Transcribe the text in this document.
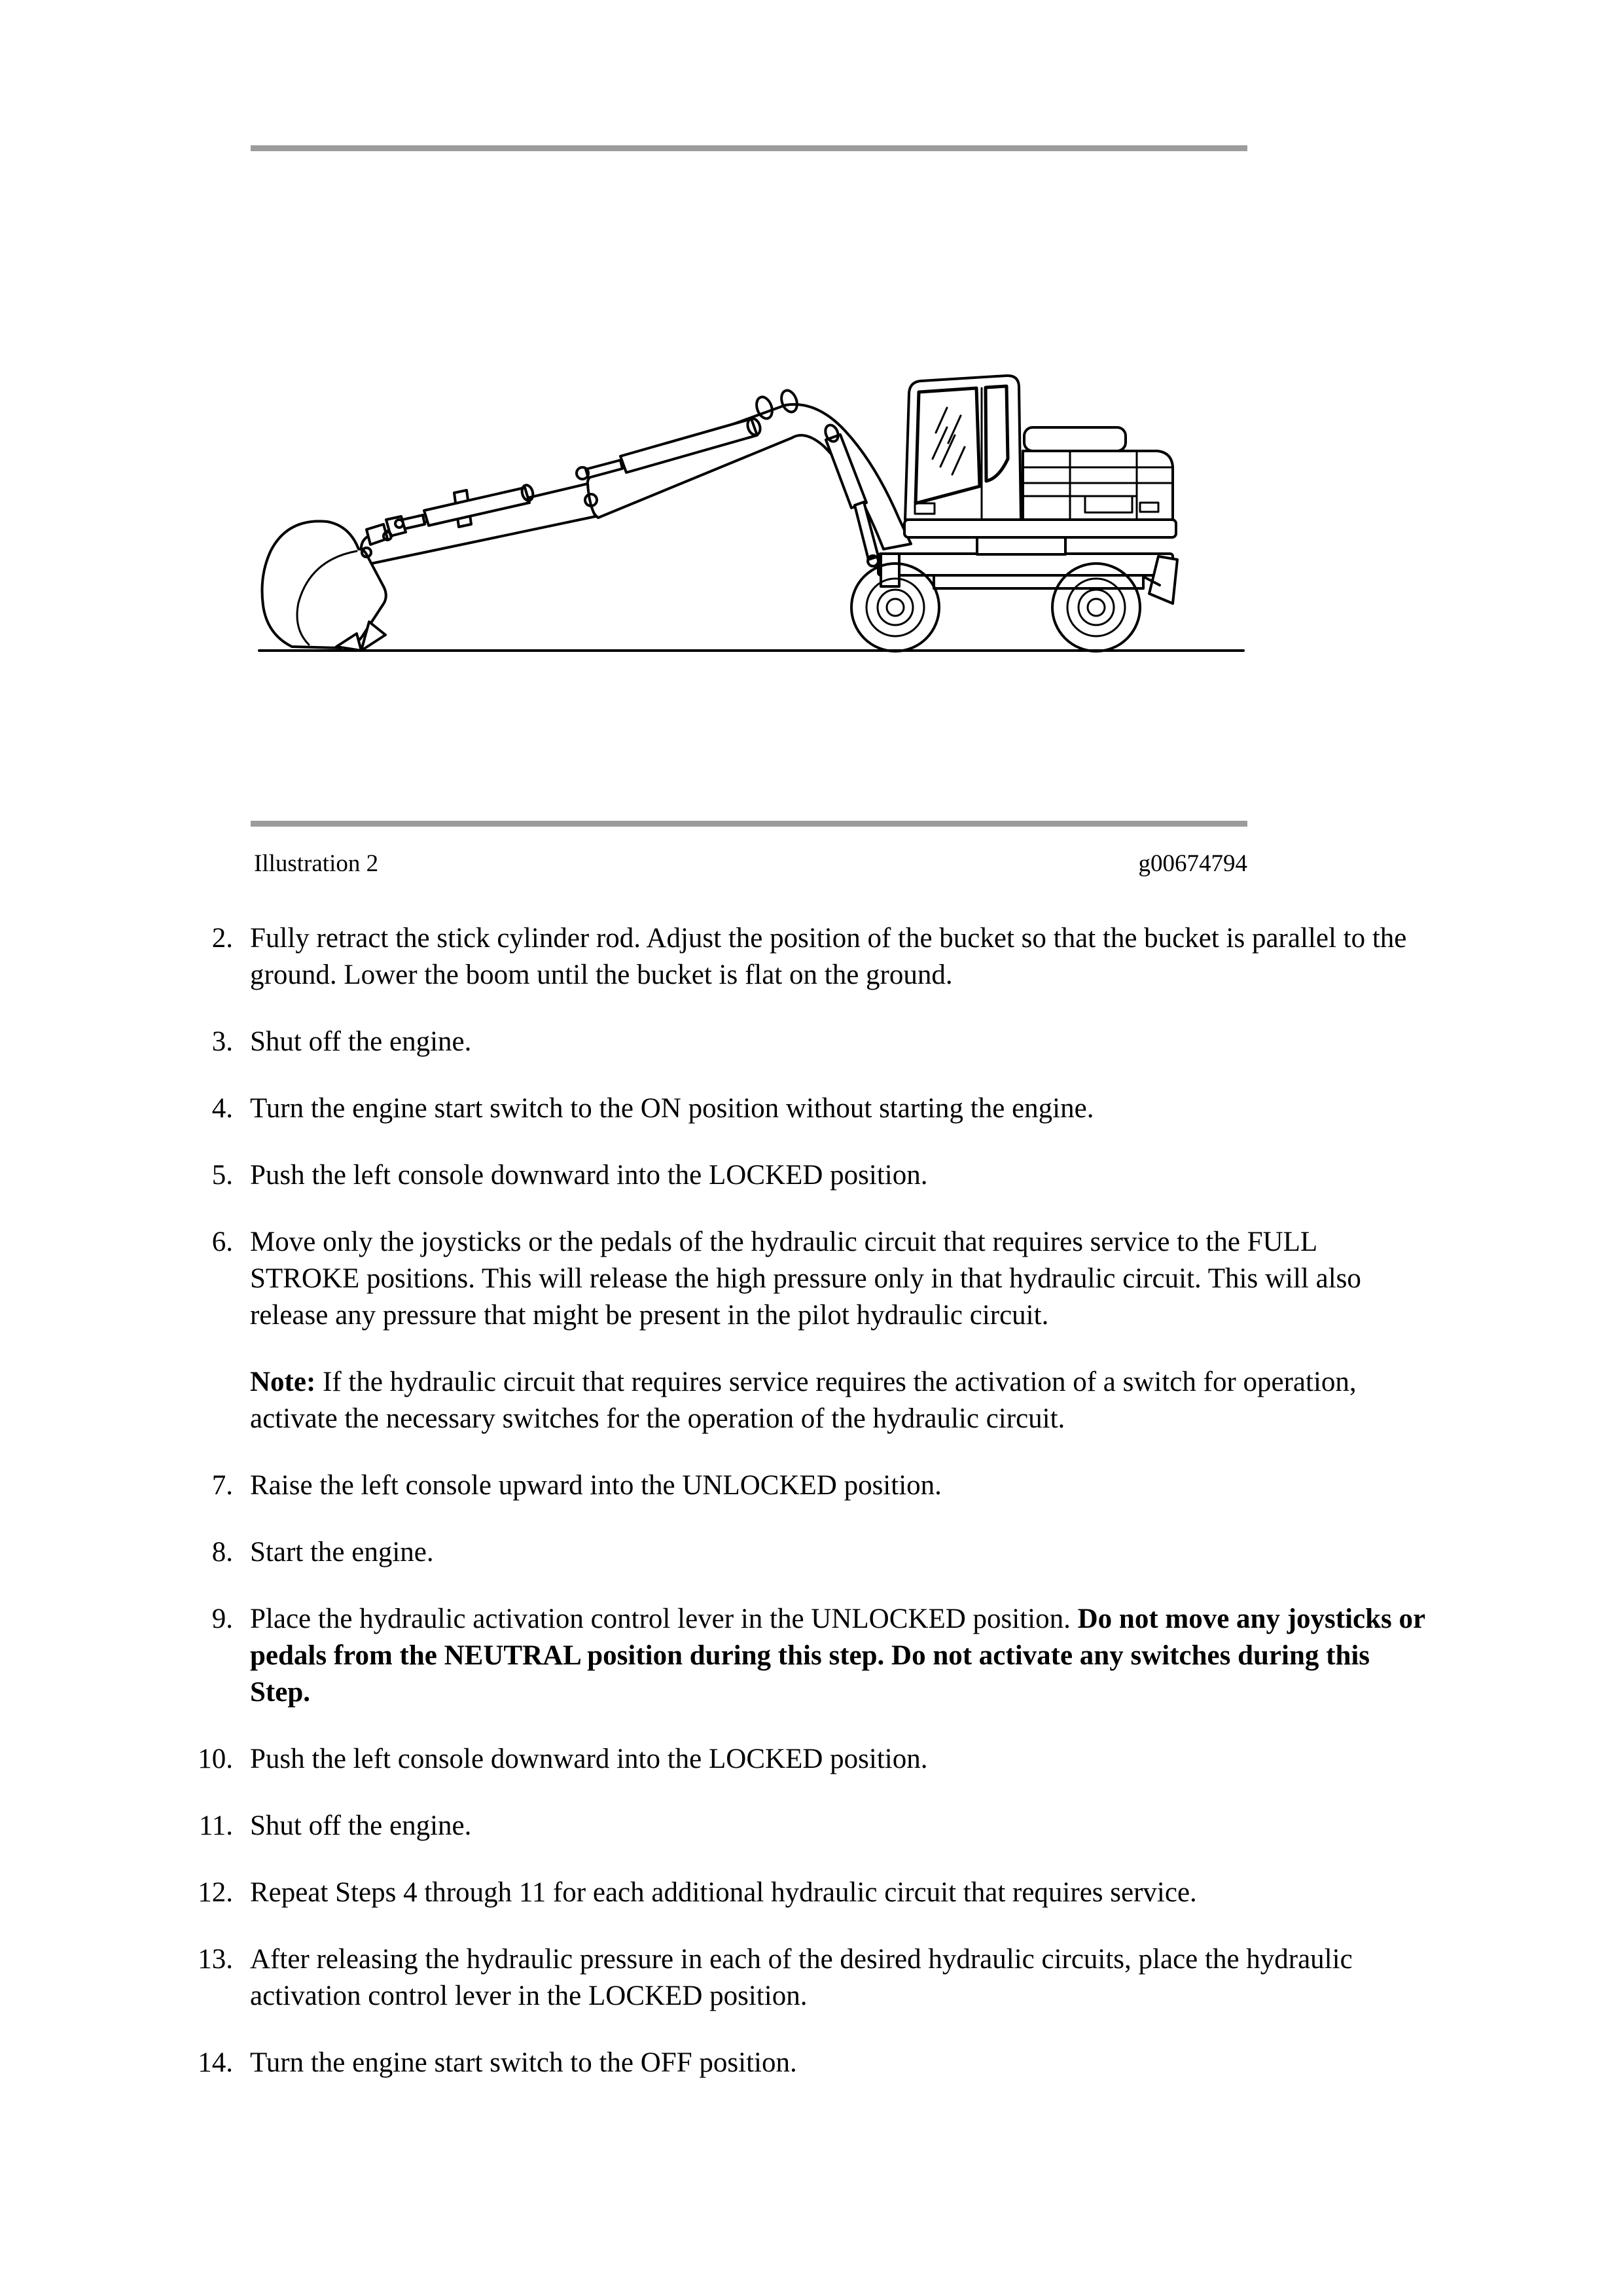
Illustration 2	g00674794
2. Fully retract the stick cylinder rod. Adjust the position of the bucket so that the bucket is parallel to the ground. Lower the boom until the bucket is flat on the ground.

3. Shut off the engine.

4. Turn the engine start switch to the ON position without starting the engine.

5. Push the left console downward into the LOCKED position.

6. Move only the joysticks or the pedals of the hydraulic circuit that requires service to the FULL STROKE positions. This will release the high pressure only in that hydraulic circuit. This will also release any pressure that might be present in the pilot hydraulic circuit.

Note: If the hydraulic circuit that requires service requires the activation of a switch for operation, activate the necessary switches for the operation of the hydraulic circuit.

7. Raise the left console upward into the UNLOCKED position.

8. Start the engine.

9. Place the hydraulic activation control lever in the UNLOCKED position. Do not move any joysticks or pedals from the NEUTRAL position during this step. Do not activate any switches during this Step.

10. Push the left console downward into the LOCKED position.

11. Shut off the engine.

12. Repeat Steps 4 through 11 for each additional hydraulic circuit that requires service.

13. After releasing the hydraulic pressure in each of the desired hydraulic circuits, place the hydraulic activation control lever in the LOCKED position.

14. Turn the engine start switch to the OFF position.
